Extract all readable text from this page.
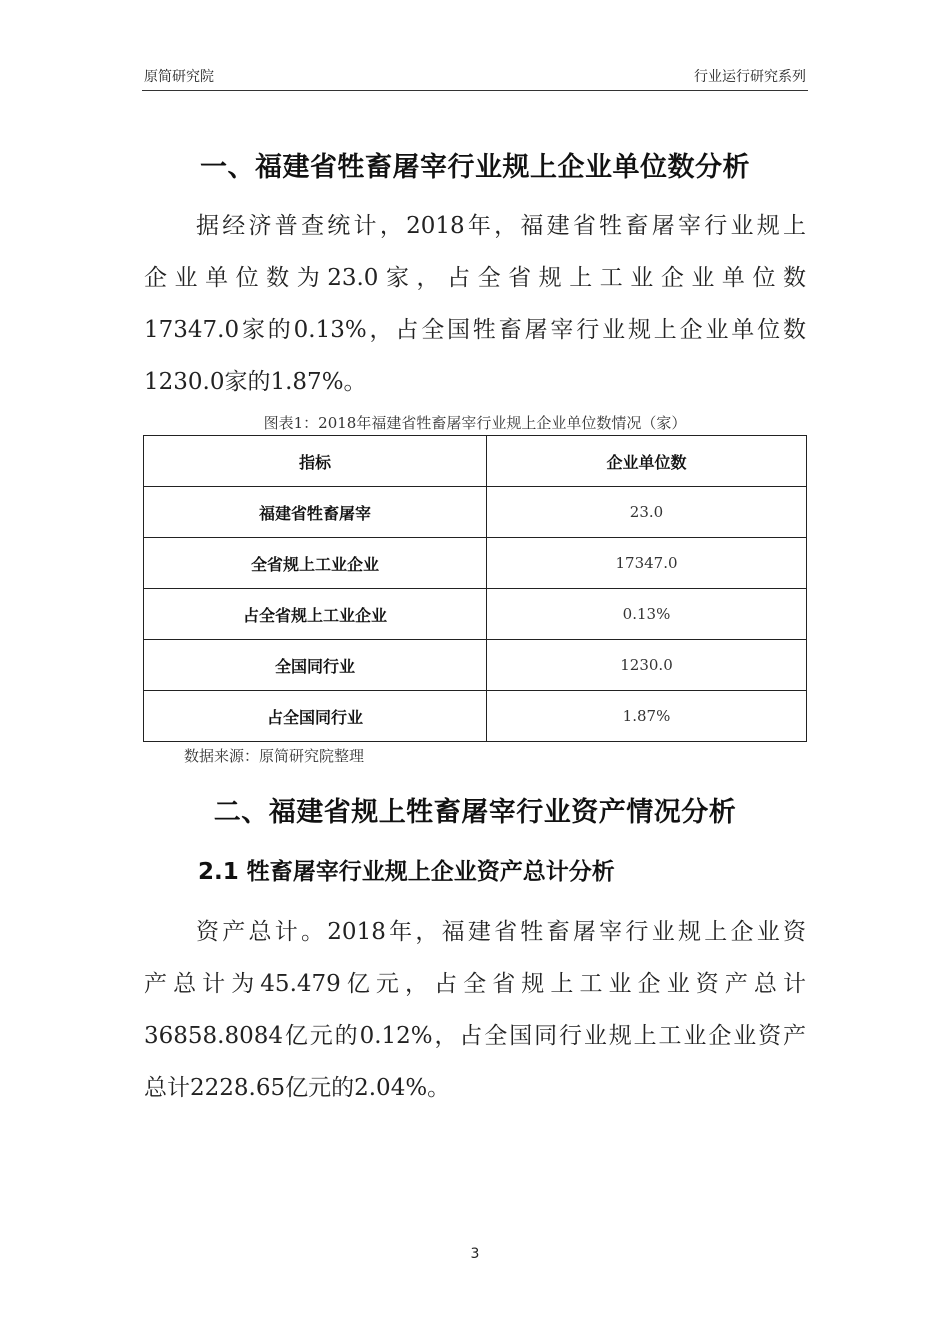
原简研究院	行业运行研究系列
一、福建省牲畜屠宰行业规上企业单位数分析
据经济普查统计，2018年，福建省牲畜屠宰行业规上
企业单位数为23.0家，占全省规上工业企业单位数
17347.0家的0.13%，占全国牲畜屠宰行业规上企业单位数
1230.0家的1.87%。
图表1：2018年福建省牲畜屠宰行业规上企业单位数情况（家）
指标	企业单位数
福建省牲畜屠宰	23.0
全省规上工业企业	17347.0
占全省规上工业企业	0.13%
全国同行业	1230.0
占全国同行业	1.87%
数据来源：原简研究院整理
二、福建省规上牲畜屠宰行业资产情况分析
2.1 牲畜屠宰行业规上企业资产总计分析
资产总计。2018年，福建省牲畜屠宰行业规上企业资
产总计为45.479亿元，占全省规上工业企业资产总计
36858.8084亿元的0.12%，占全国同行业规上工业企业资产
总计2228.65亿元的2.04%。
3
